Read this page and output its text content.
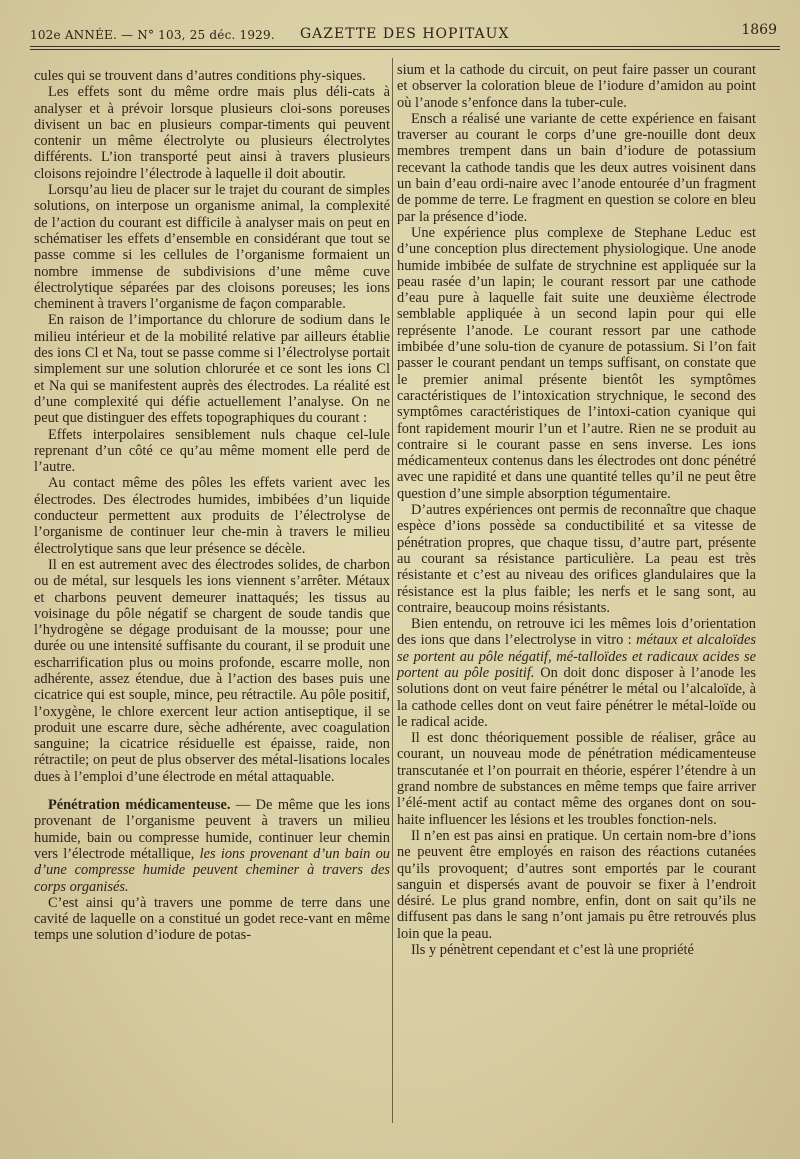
102e ANNÉE. — N° 103, 25 déc. 1929. GAZETTE DES HOPITAUX	1869

cules qui se trouvent dans d’autres conditions phy-siques.

Les effets sont du même ordre mais plus déli-cats à analyser et à prévoir lorsque plusieurs cloi-sons poreuses divisent un bac en plusieurs compar-timents qui peuvent contenir un même électrolyte ou plusieurs électrolytes différents. L’ion transporté peut ainsi à travers plusieurs cloisons rejoindre l’électrode à laquelle il doit aboutir.

Lorsqu’au lieu de placer sur le trajet du courant de simples solutions, on interpose un organisme animal, la complexité de l’action du courant est difficile à analyser mais on peut en schématiser les effets d’ensemble en considérant que tout se passe comme si les cellules de l’organisme formaient un nombre immense de subdivisions d’une même cuve électrolytique séparées par des cloisons poreuses; les ions cheminent à travers l’organisme de façon comparable.

En raison de l’importance du chlorure de sodium dans le milieu intérieur et de la mobilité relative par ailleurs établie des ions Cl et Na, tout se passe comme si l’électrolyse portait simplement sur une solution chlorurée et ce sont les ions Cl et Na qui se manifestent auprès des électrodes. La réalité est d’une complexité qui défie actuellement l’analyse. On ne peut que distinguer des effets topographiques du courant :

Effets interpolaires sensiblement nuls chaque cel-lule reprenant d’un côté ce qu’au même moment elle perd de l’autre.

Au contact même des pôles les effets varient avec les électrodes. Des électrodes humides, imbibées d’un liquide conducteur permettent aux produits de l’électrolyse de l’organisme de continuer leur che-min à travers le milieu électrolytique sans que leur présence se décèle.

Il en est autrement avec des électrodes solides, de charbon ou de métal, sur lesquels les ions viennent s’arrêter. Métaux et charbons peuvent demeurer inattaqués; les tissus au voisinage du pôle négatif se chargent de soude tandis que l’hydrogène se dégage produisant de la mousse; pour une durée ou une intensité suffisante du courant, il se produit une escharrification plus ou moins profonde, escarre molle, non adhérente, assez étendue, due à l’action des bases puis une cicatrice qui est souple, mince, peu rétractile. Au pôle positif, l’oxygène, le chlore exercent leur action antiseptique, il se produit une escarre dure, sèche adhérente, avec coagulation sanguine; la cicatrice résiduelle est épaisse, raide, non rétractile; on peut de plus observer des métal-lisations locales dues à l’emploi d’une électrode en métal attaquable.

Pénétration médicamenteuse. — De même que les ions provenant de l’organisme peuvent à travers un milieu humide, bain ou compresse humide, continuer leur chemin vers l’électrode métallique, les ions provenant d’un bain ou d’une compresse humide peuvent cheminer à travers des corps organisés.

C’est ainsi qu’à travers une pomme de terre dans une cavité de laquelle on a constitué un godet rece-vant en même temps une solution d’iodure de potas-

sium et la cathode du circuit, on peut faire passer un courant et observer la coloration bleue de l’iodure d’amidon au point où l’anode s’enfonce dans la tuber-cule.

Ensch a réalisé une variante de cette expérience en faisant traverser au courant le corps d’une gre-nouille dont deux membres trempent dans un bain d’iodure de potassium recevant la cathode tandis que les deux autres voisinent dans un bain d’eau ordi-naire avec l’anode entourée d’un fragment de pomme de terre. Le fragment en question se colore en bleu par la présence d’iode.

Une expérience plus complexe de Stephane Leduc est d’une conception plus directement physiologique. Une anode humide imbibée de sulfate de strychnine est appliquée sur la peau rasée d’un lapin; le courant ressort par une cathode d’eau pure à laquelle fait suite une deuxième électrode semblable appliquée à un second lapin pour qui elle représente l’anode. Le courant ressort par une cathode imbibée d’une solu-tion de cyanure de potassium. Si l’on fait passer le courant pendant un temps suffisant, on constate que le premier animal présente bientôt les symptômes caractéristiques de l’intoxication strychnique, le second des symptômes caractéristiques de l’intoxi-cation cyanique qui font rapidement mourir l’un et l’autre. Rien ne se produit au contraire si le courant passe en sens inverse. Les ions médicamenteux contenus dans les électrodes ont donc pénétré avec une rapidité et dans une quantité telles qu’il ne peut être question d’une simple absorption tégumentaire.

D’autres expériences ont permis de reconnaître que chaque espèce d’ions possède sa conductibilité et sa vitesse de pénétration propres, que chaque tissu, d’autre part, présente au courant sa résistance particulière. La peau est très résistante et c’est au niveau des orifices glandulaires que la résistance est la plus faible; les nerfs et le sang sont, au contraire, beaucoup moins résistants.

Bien entendu, on retrouve ici les mêmes lois d’orientation des ions que dans l’electrolyse in vitro : métaux et alcaloïdes se portent au pôle négatif, mé-talloïdes et radicaux acides se portent au pôle positif. On doit donc disposer à l’anode les solutions dont on veut faire pénétrer le métal ou l’alcaloïde, à la cathode celles dont on veut faire pénétrer le métal-loïde ou le radical acide.

Il est donc théoriquement possible de réaliser, grâce au courant, un nouveau mode de pénétration médicamenteuse transcutanée et l’on pourrait en théorie, espérer l’étendre à un grand nombre de substances en même temps que faire arriver l’élé-ment actif au contact même des organes dont on sou-haite influencer les lésions et les troubles fonction-nels.

Il n’en est pas ainsi en pratique. Un certain nom-bre d’ions ne peuvent être employés en raison des réactions cutanées qu’ils provoquent; d’autres sont emportés par le courant sanguin et dispersés avant de pouvoir se fixer à l’endroit désiré. Le plus grand nombre, enfin, dont on sait qu’ils ne diffusent pas dans le sang n’ont jamais pu être retrouvés plus loin que la peau.

Ils y pénètrent cependant et c’est là une propriété
